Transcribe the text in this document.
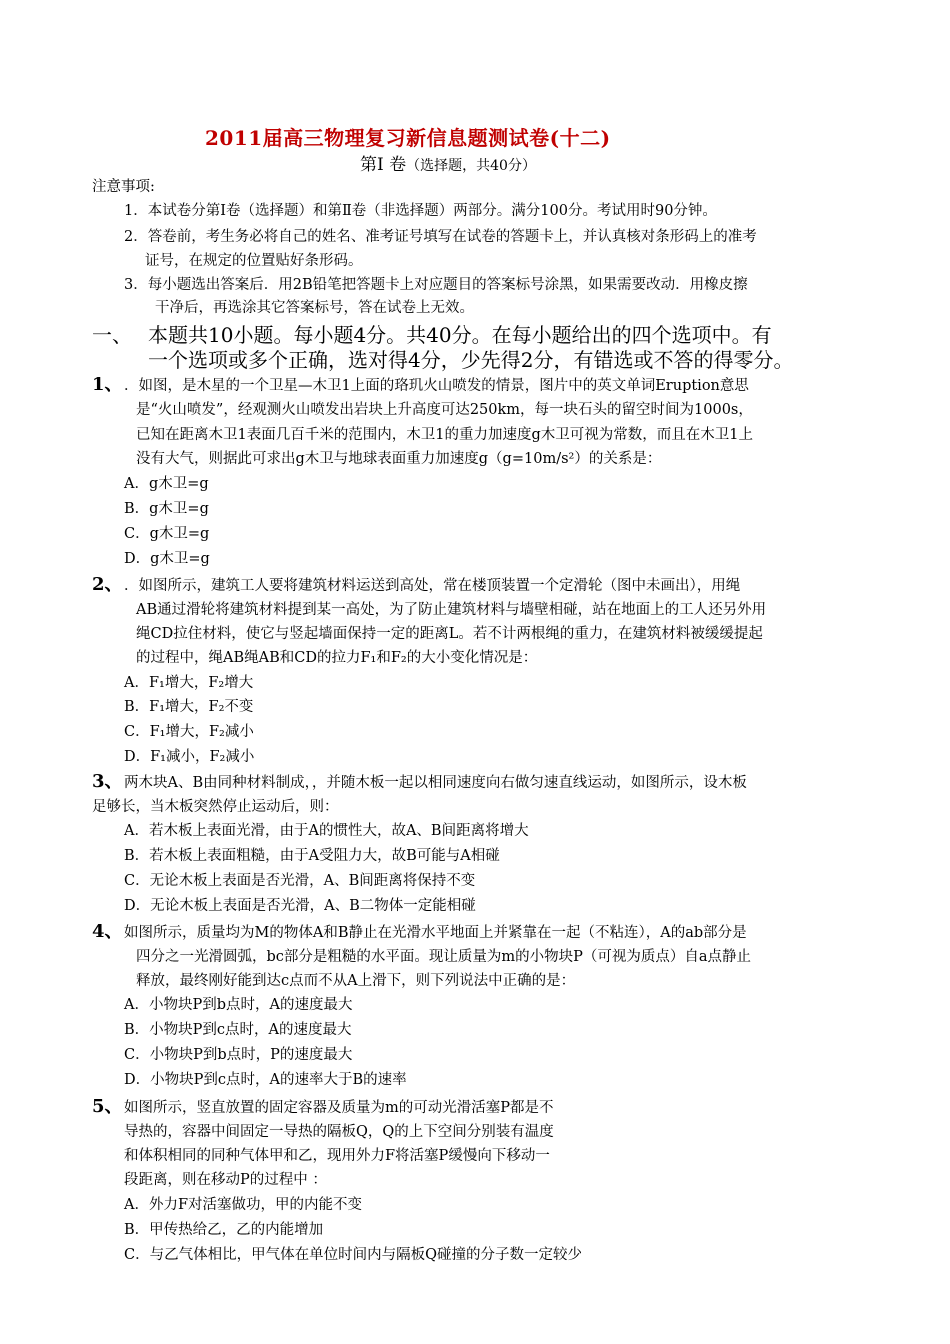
2011届高三物理复习新信息题测试卷(十二)
第Ⅰ 卷（选择题，共40分）
注意事项:
1．本试卷分第Ⅰ卷（选择题）和第Ⅱ卷（非选择题）两部分。满分100分。考试用时90分钟。
2．答卷前，考生务必将自己的姓名、准考证号填写在试卷的答题卡上，并认真核对条形码上的准考
证号，在规定的位置贴好条形码。
3．每小题选出答案后．用2B铅笔把答题卡上对应题目的答案标号涂黑，如果需要改动．用橡皮擦
干净后，再选涂其它答案标号，答在试卷上无效。
一、 本题共10小题。每小题4分。共40分。在每小题给出的四个选项中。有
一个选项或多个正确，选对得4分，少先得2分，有错选或不答的得零分。
1、 ．如图，是木星的一个卫星—木卫1上面的珞玑火山喷发的情景，图片中的英文单词Eruption意思
是“火山喷发”，经观测火山喷发出岩块上升高度可达250km，每一块石头的留空时间为1000s，
已知在距离木卫1表面几百千米的范围内，木卫1的重力加速度g木卫可视为常数，而且在木卫1上
没有大气，则据此可求出g木卫与地球表面重力加速度g（g=10m/s²）的关系是：
A．g木卫=g
B．g木卫=g
C．g木卫=g
D．g木卫=g
2、 ．如图所示，建筑工人要将建筑材料运送到高处，常在楼顶装置一个定滑轮（图中未画出），用绳
AB通过滑轮将建筑材料提到某一高处，为了防止建筑材料与墙壁相碰，站在地面上的工人还另外用
绳CD拉住材料，使它与竖起墙面保持一定的距离L。若不计两根绳的重力，在建筑材料被缓缓提起
的过程中，绳AB绳AB和CD的拉力F₁和F₂的大小变化情况是：
A．F₁增大，F₂增大
B．F₁增大，F₂不变
C．F₁增大，F₂减小
D．F₁减小，F₂减小
3、 两木块A、B由同种材料制成，，并随木板一起以相同速度向右做匀速直线运动，如图所示，设木板
足够长，当木板突然停止运动后，则：
A．若木板上表面光滑，由于A的惯性大，故A、B间距离将增大
B．若木板上表面粗糙，由于A受阻力大，故B可能与A相碰
C．无论木板上表面是否光滑，A、B间距离将保持不变
D．无论木板上表面是否光滑，A、B二物体一定能相碰
4、 如图所示，质量均为M的物体A和B静止在光滑水平地面上并紧靠在一起（不粘连），A的ab部分是
四分之一光滑圆弧，bc部分是粗糙的水平面。现让质量为m的小物块P（可视为质点）自a点静止
释放，最终刚好能到达c点而不从A上滑下，则下列说法中正确的是：
A．小物块P到b点时，A的速度最大
B．小物块P到c点时，A的速度最大
C．小物块P到b点时，P的速度最大
D．小物块P到c点时，A的速率大于B的速率
5、 如图所示，竖直放置的固定容器及质量为m的可动光滑活塞P都是不
导热的，容器中间固定一导热的隔板Q，Q的上下空间分别装有温度
和体积相同的同种气体甲和乙，现用外力F将活塞P缓慢向下移动一
段距离，则在移动P的过程中 ：
A．外力F对活塞做功，甲的内能不变
B．甲传热给乙，乙的内能增加
C．与乙气体相比，甲气体在单位时间内与隔板Q碰撞的分子数一定较少
